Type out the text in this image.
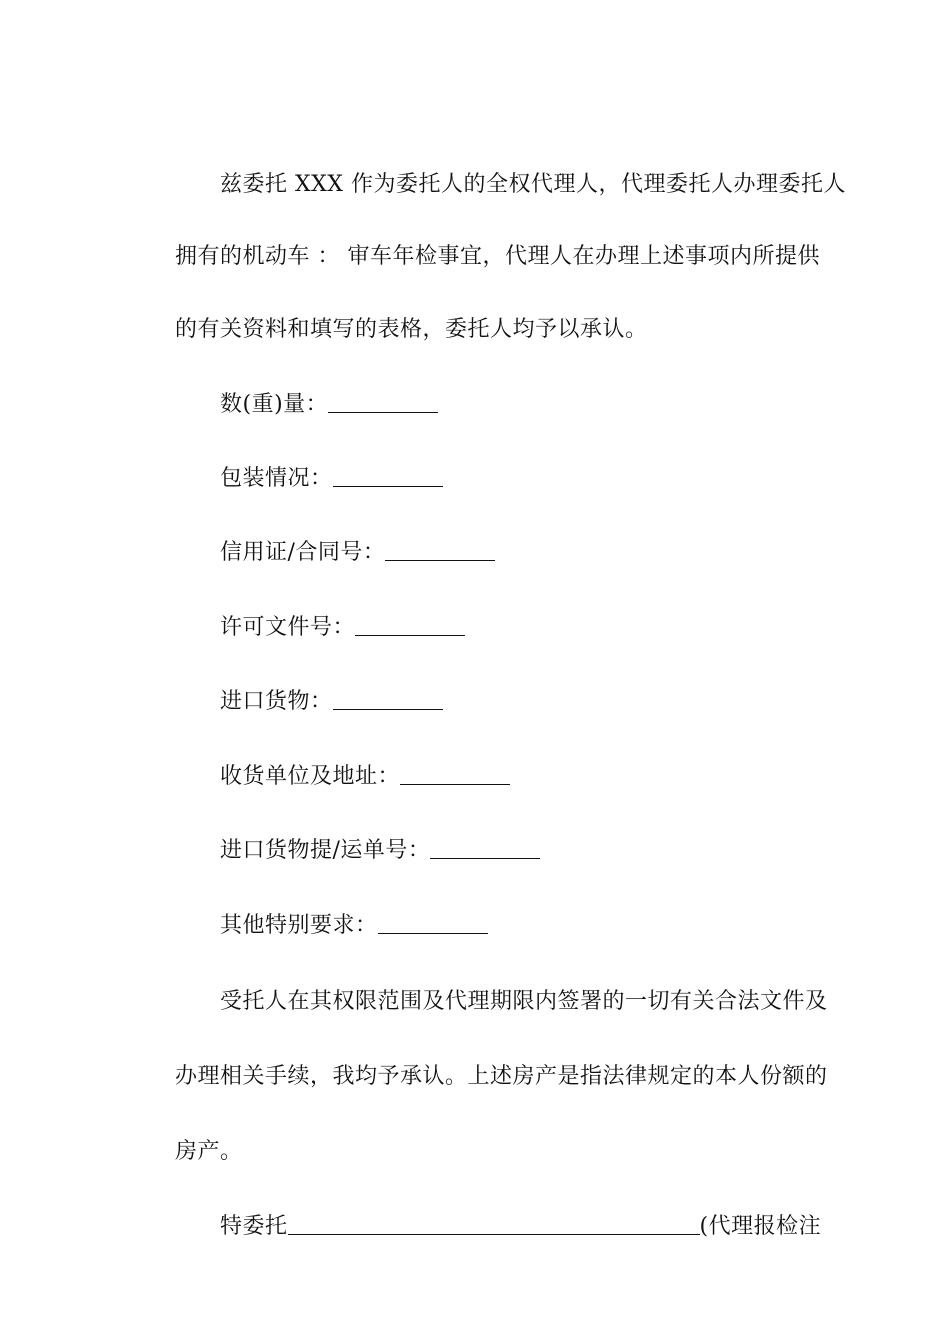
兹委托 XXX 作为委托人的全权代理人，代理委托人办理委托人

拥有的机动车 ： 审车年检事宜，代理人在办理上述事项内所提供

的有关资料和填写的表格，委托人均予以承认。

数(重)量：

包装情况：

信用证/合同号：

许可文件号：

进口货物：

收货单位及地址：

进口货物提/运单号：

其他特别要求：

受托人在其权限范围及代理期限内签署的一切有关合法文件及

办理相关手续，我均予承认。上述房产是指法律规定的本人份额的

房产。

特委托	(代理报检注
